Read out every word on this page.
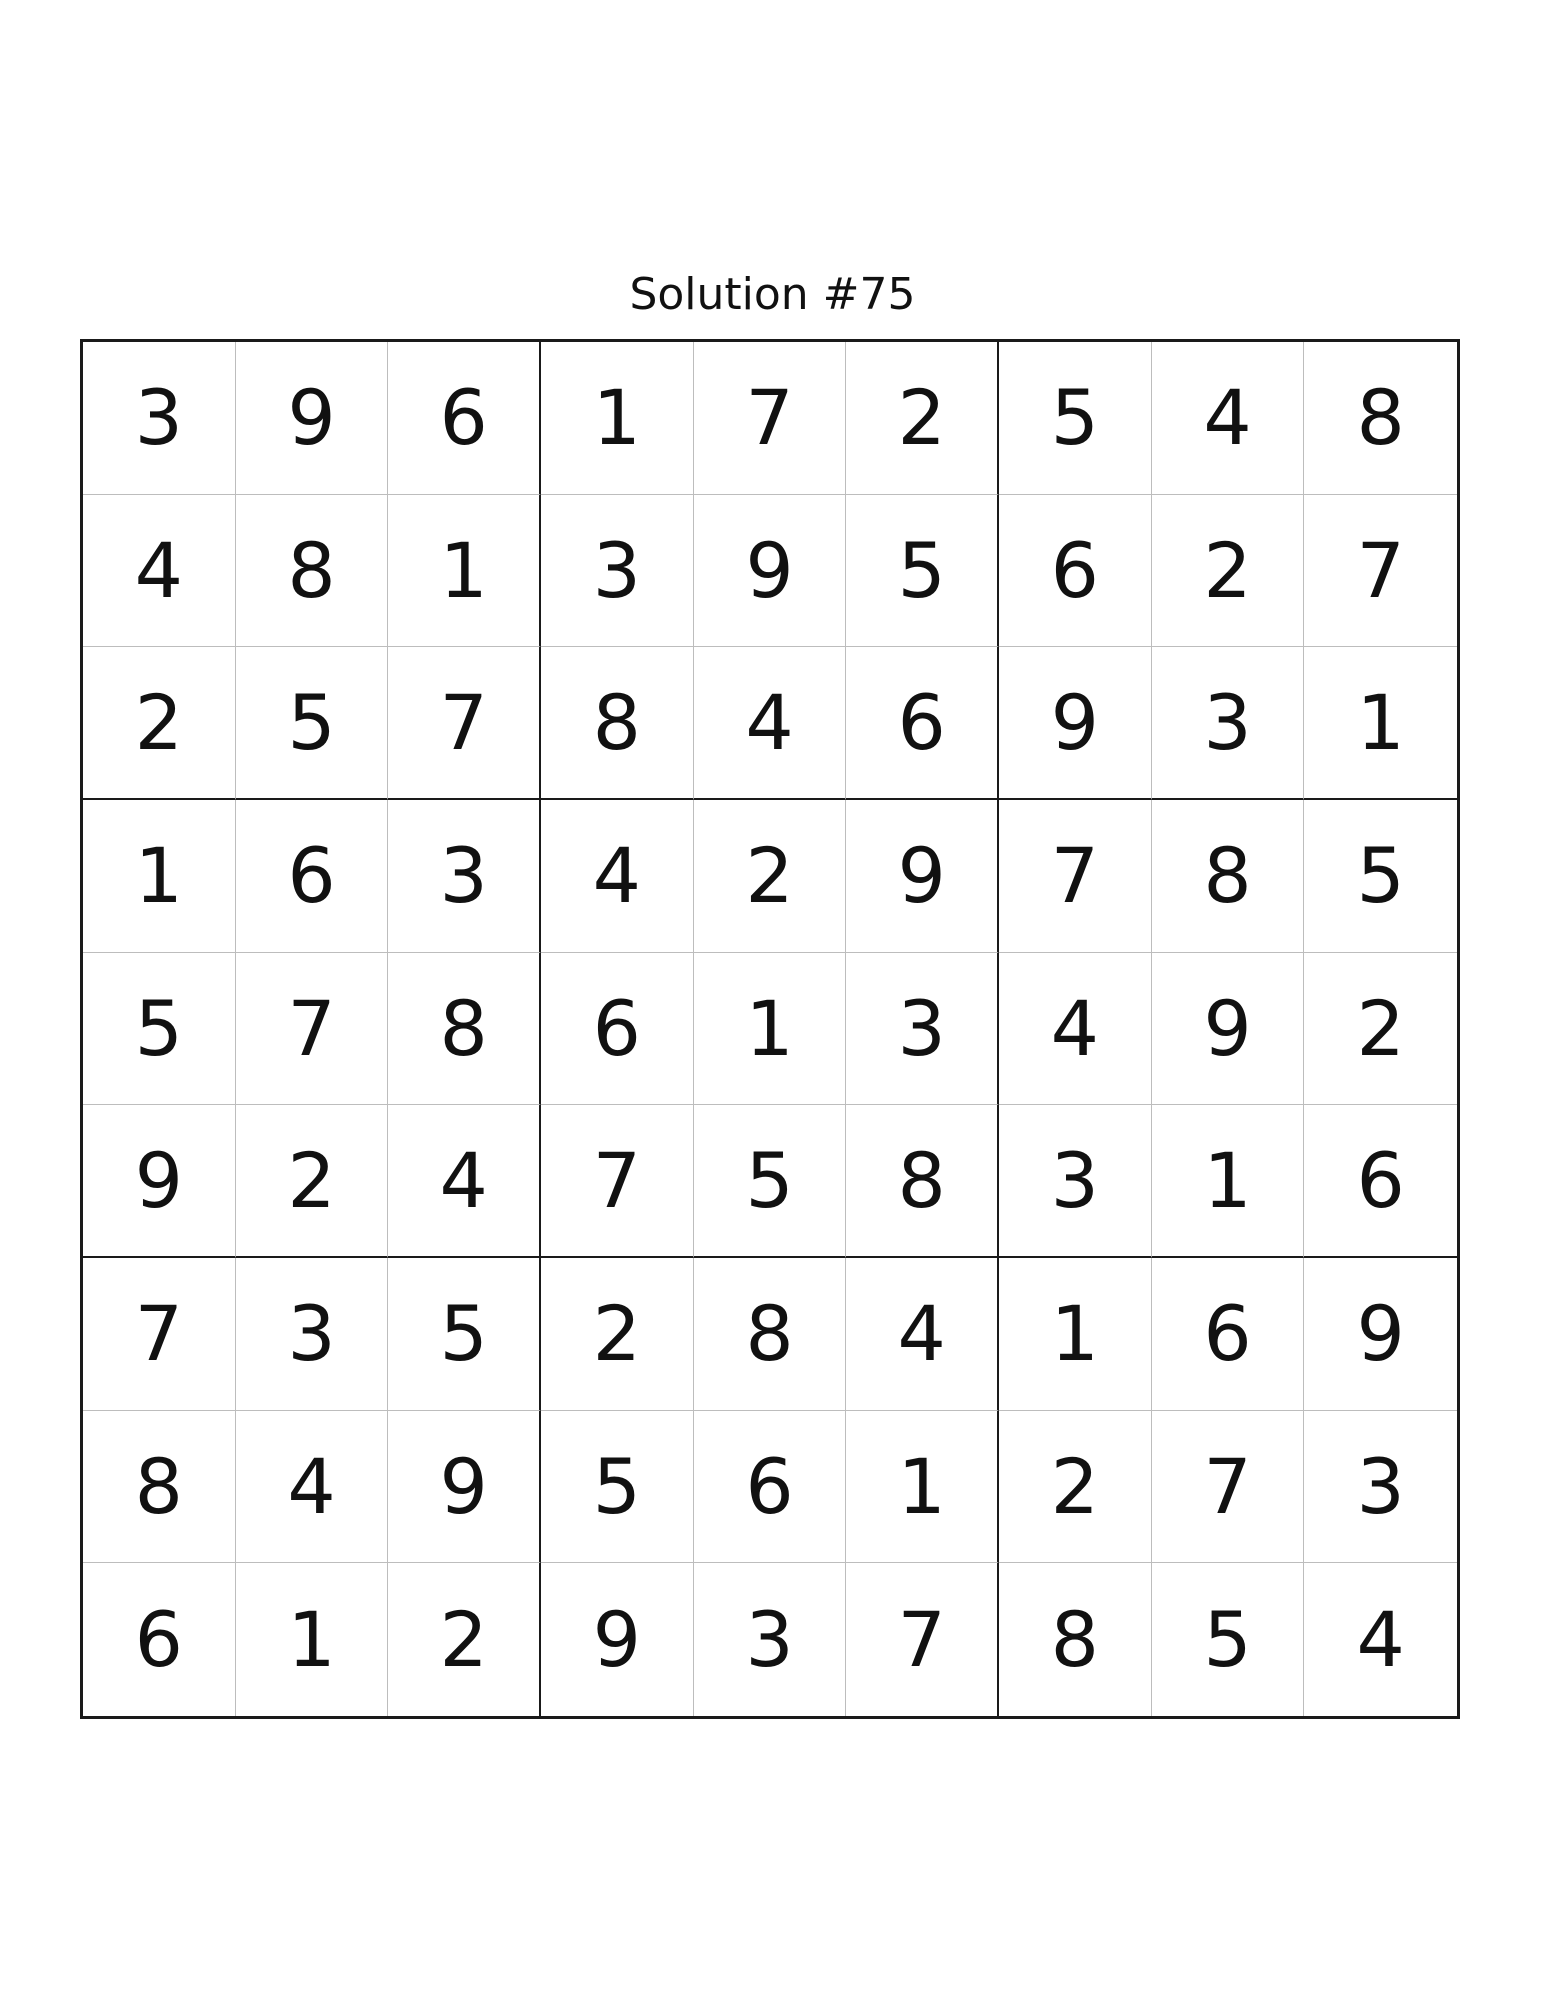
Solution #75
3	9	6	1	7	2	5	4	8
4	8	1	3	9	5	6	2	7
2	5	7	8	4	6	9	3	1
1	6	3	4	2	9	7	8	5
5	7	8	6	1	3	4	9	2
9	2	4	7	5	8	3	1	6
7	3	5	2	8	4	1	6	9
8	4	9	5	6	1	2	7	3
6	1	2	9	3	7	8	5	4
